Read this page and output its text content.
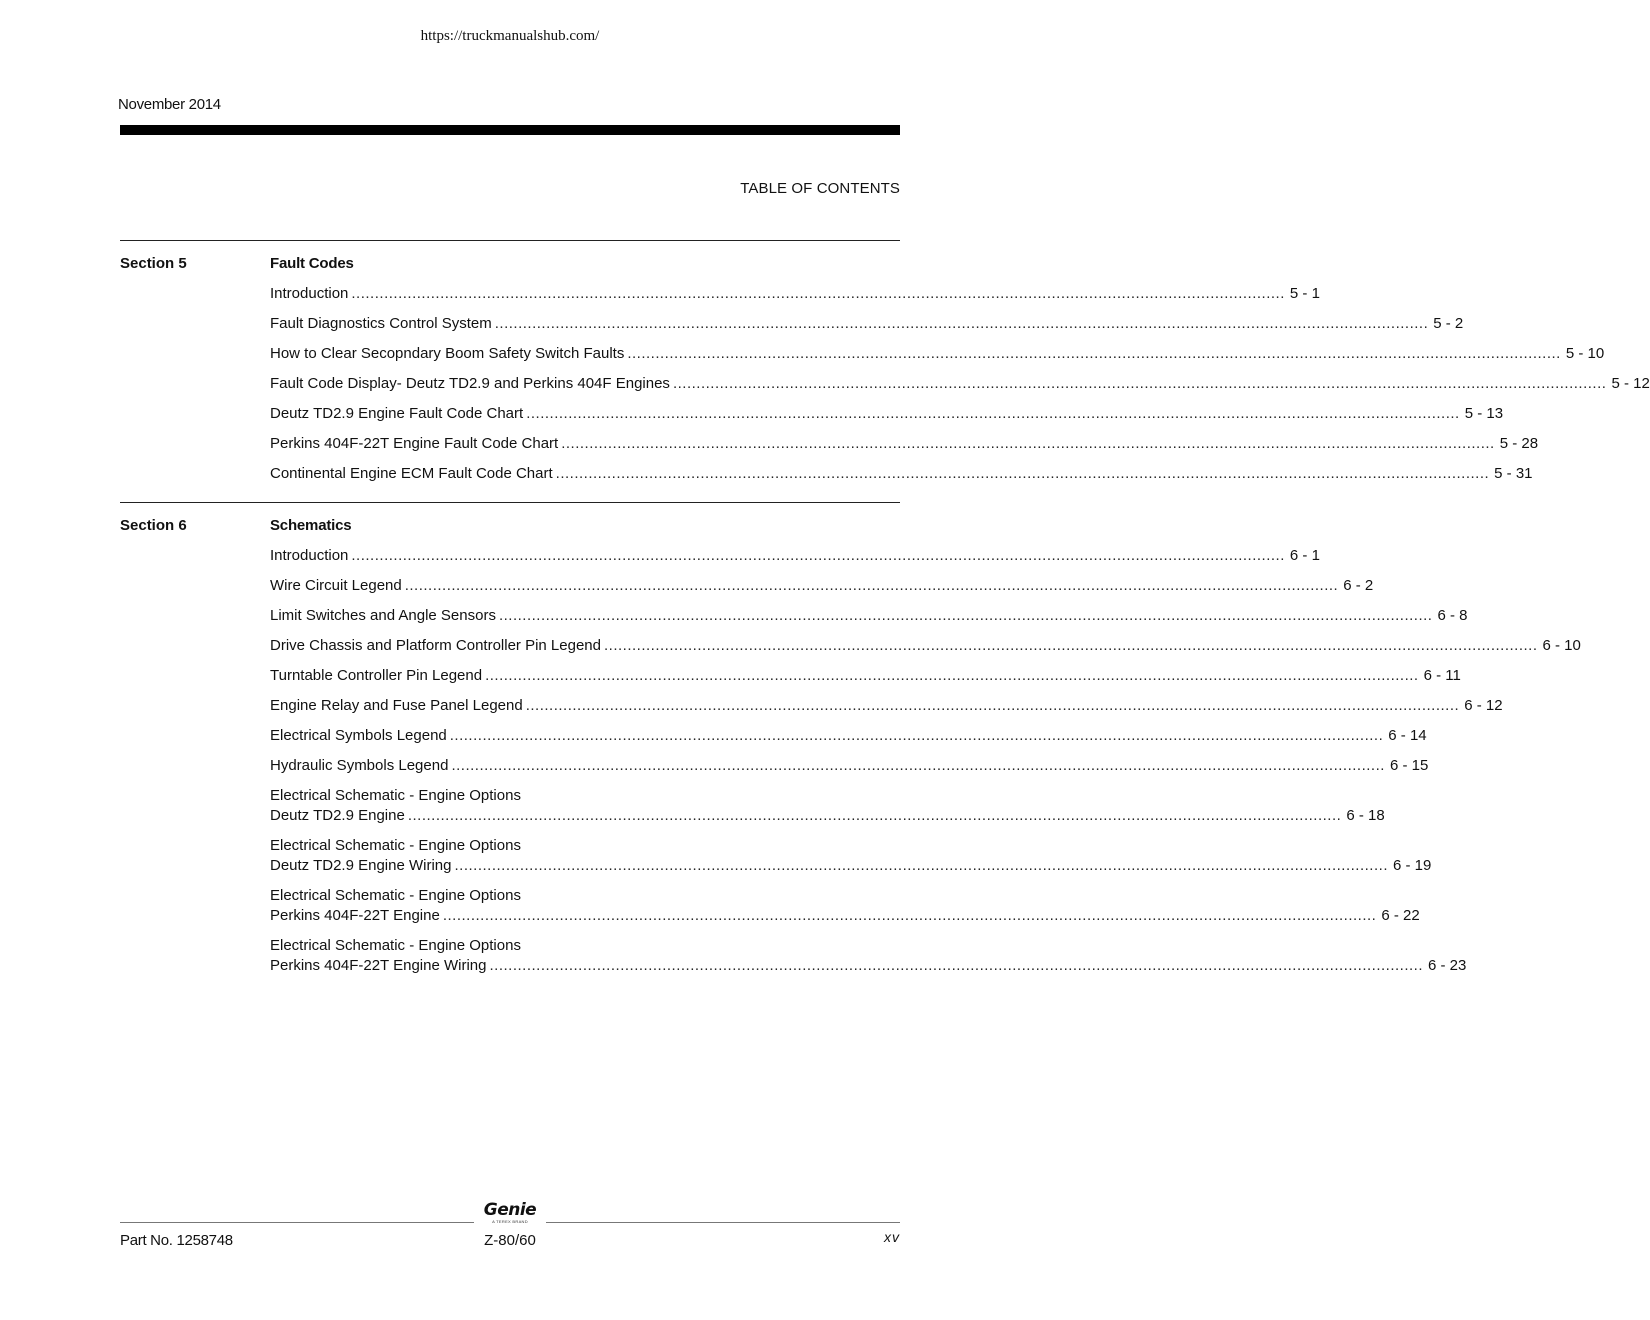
https://truckmanualshub.com/
November 2014
TABLE OF CONTENTS
Section 5	Fault Codes
Introduction ........................................................................................................................................................................................................ 5 - 1
Fault Diagnostics Control System ........................................................................................................................................................................................................ 5 - 2
How to Clear Secopndary Boom Safety Switch Faults ........................................................................................................................................................................................................ 5 - 10
Fault Code Display- Deutz TD2.9 and Perkins 404F Engines ........................................................................................................................................................................................................ 5 - 12
Deutz TD2.9 Engine Fault Code Chart ........................................................................................................................................................................................................ 5 - 13
Perkins 404F-22T Engine Fault Code Chart ........................................................................................................................................................................................................ 5 - 28
Continental Engine ECM Fault Code Chart ........................................................................................................................................................................................................ 5 - 31
Section 6	Schematics
Introduction ........................................................................................................................................................................................................ 6 - 1
Wire Circuit Legend ........................................................................................................................................................................................................ 6 - 2
Limit Switches and Angle Sensors ........................................................................................................................................................................................................ 6 - 8
Drive Chassis and Platform Controller Pin Legend ........................................................................................................................................................................................................ 6 - 10
Turntable Controller Pin Legend ........................................................................................................................................................................................................ 6 - 11
Engine Relay and Fuse Panel Legend ........................................................................................................................................................................................................ 6 - 12
Electrical Symbols Legend ........................................................................................................................................................................................................ 6 - 14
Hydraulic Symbols Legend ........................................................................................................................................................................................................ 6 - 15
Electrical Schematic - Engine Options
Deutz TD2.9 Engine ........................................................................................................................................................................................................ 6 - 18
Electrical Schematic - Engine Options
Deutz TD2.9 Engine Wiring ........................................................................................................................................................................................................ 6 - 19
Electrical Schematic - Engine Options
Perkins 404F-22T Engine ........................................................................................................................................................................................................ 6 - 22
Electrical Schematic - Engine Options
Perkins 404F-22T Engine Wiring ........................................................................................................................................................................................................ 6 - 23
Genie
A TEREX BRAND
Part No. 1258748	Z-80/60	xv
